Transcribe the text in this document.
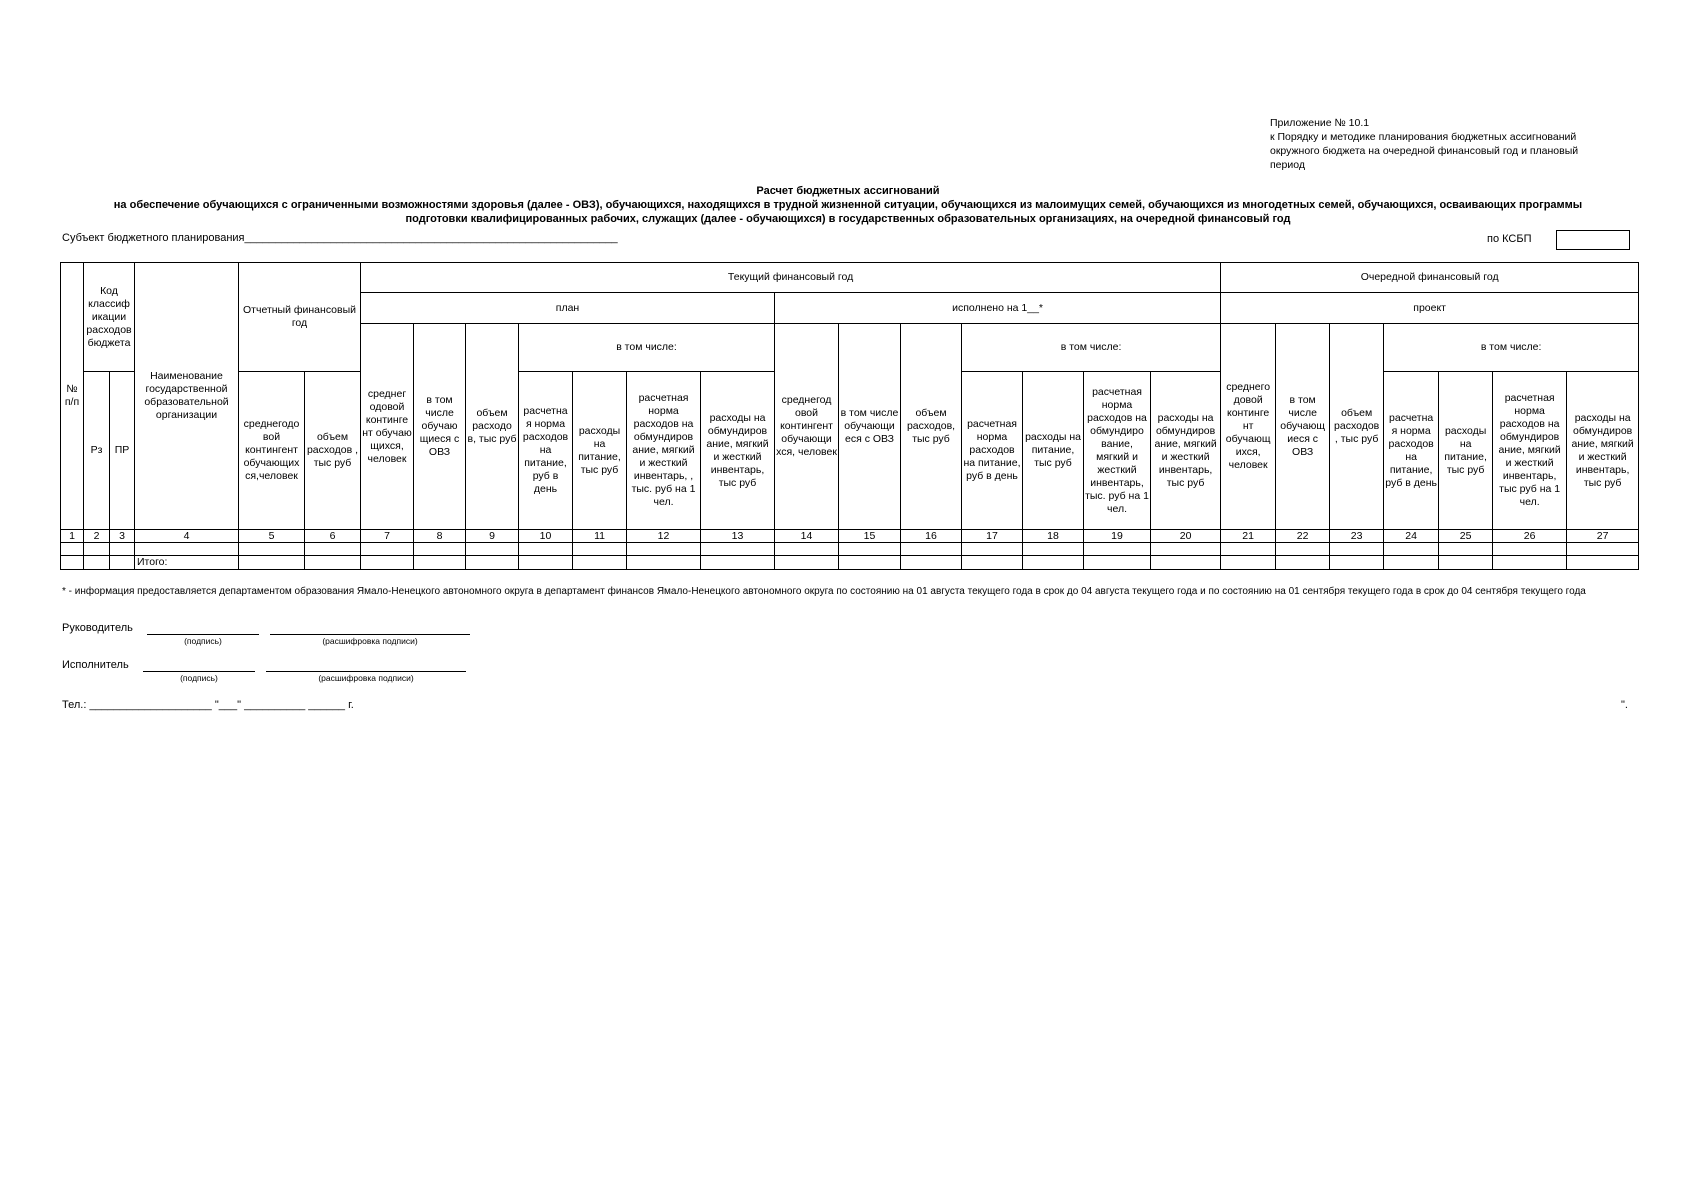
Приложение № 10.1
к Порядку и методике планирования бюджетных ассигнований
окружного бюджета на очередной финансовый год и плановый
период
Расчет бюджетных ассигнований
на обеспечение обучающихся с ограниченными возможностями здоровья (далее - ОВЗ), обучающихся, находящихся в трудной жизненной ситуации, обучающихся из малоимущих семей, обучающихся из многодетных семей, обучающихся, осваивающих программы
подготовки квалифицированных рабочих, служащих (далее - обучающихся) в государственных образовательных организациях, на очередной финансовый год
Субъект бюджетного планирования_____________________________________________________________	по КСБП
№ п/п	Код классиф икации расходов бюджета		Наименование государственной образовательной организации	Отчетный финансовый год		Текущий финансовый год														Очередной финансовый год						
						план							исполнено на 1__*							проект						
						среднег одовой континге нт обучаю щихся, человек	в том числе обучаю щиеся с ОВЗ	объем расходо в, тыс руб	в том числе:				среднегод овой контингент обучающи хся, человек	в том числе обучающи еся с ОВЗ	объем расходов, тыс руб	в том числе:				среднего довой континге нт обучающ ихся, человек	в том числе обучающ иеся с ОВЗ	объем расходов , тыс руб	в том числе:			
	Рз	ПР		среднегодо вой контингент обучающих ся,человек	объем расходов , тыс руб				расчетна я норма расходов на питание, руб в день	расходы на питание, тыс руб	расчетная норма расходов на обмундиров ание, мягкий и жесткий инвентарь, , тыс. руб на 1 чел.	расходы на обмундиров ание, мягкий и жесткий инвентарь, тыс руб				расчетная норма расходов на питание, руб в день	расходы на питание, тыс руб	расчетная норма расходов на обмундиро вание, мягкий и жесткий инвентарь, тыс. руб на 1 чел.	расходы на обмундиров ание, мягкий и жесткий инвентарь, тыс руб				расчетна я норма расходов на питание, руб в день	расходы на питание, тыс руб	расчетная норма расходов на обмундиров ание, мягкий и жесткий инвентарь, тыс руб на 1 чел.	расходы на обмундиров ание, мягкий и жесткий инвентарь, тыс руб
1	2	3	4	5	6	7	8	9	10	11	12	13	14	15	16	17	18	19	20	21	22	23	24	25	26	27

			Итого:																							
* - информация предоставляется департаментом образования Ямало-Ненецкого автономного округа в департамент финансов Ямало-Ненецкого автономного округа по состоянию на 01 августа текущего года в срок до 04 августа текущего года и по состоянию на 01 сентября текущего года в срок до 04 сентября текущего года
Руководитель
(подпись)	(расшифровка подписи)
Исполнитель
(подпись)	(расшифровка подписи)
Тел.: ____________________ "___" __________ ______ г.	".
